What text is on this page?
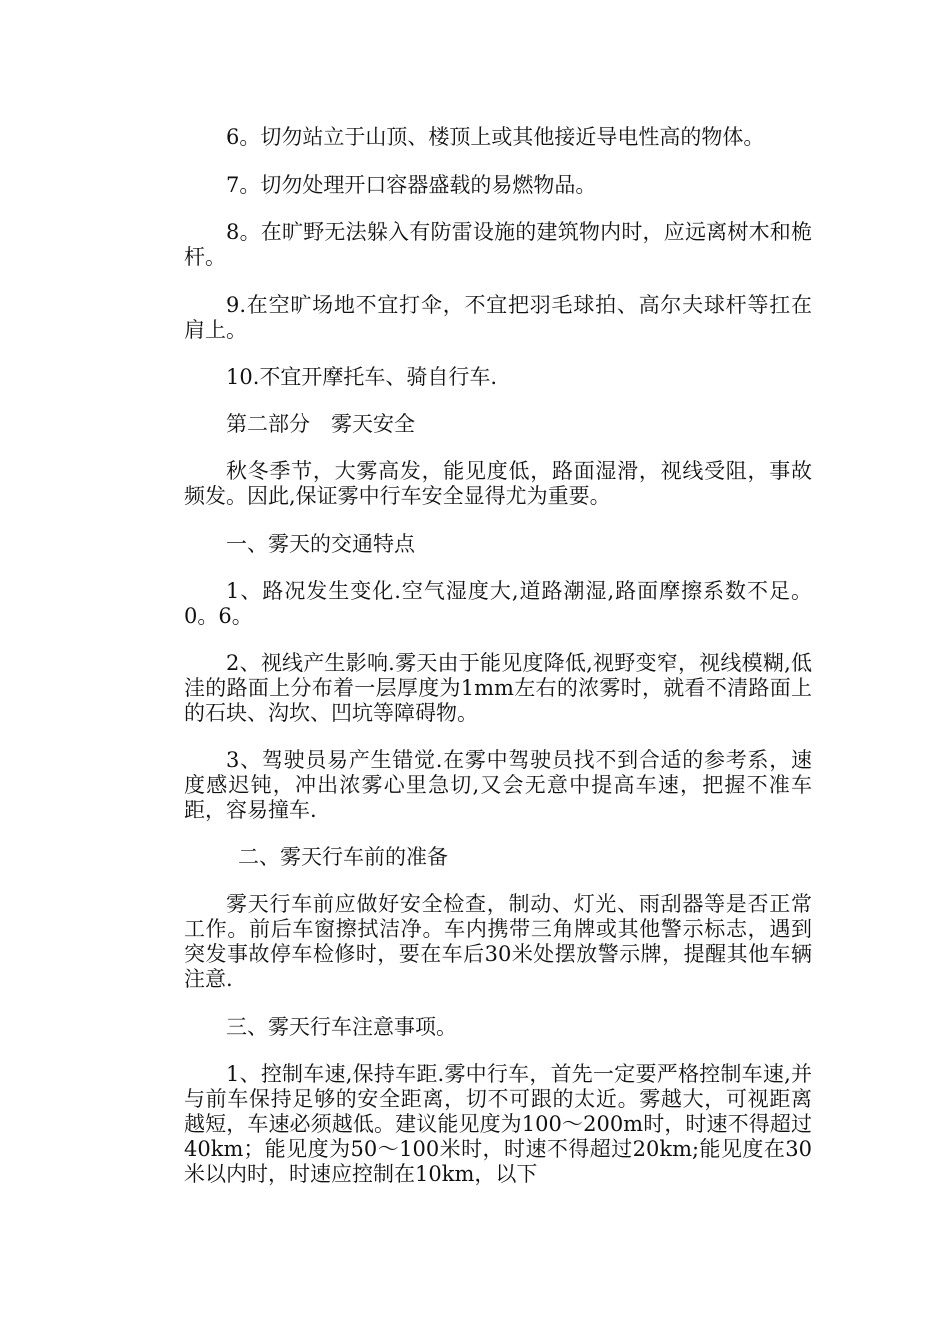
6。切勿站立于山顶、楼顶上或其他接近导电性高的物体。

7。切勿处理开口容器盛载的易燃物品。

8。在旷野无法躲入有防雷设施的建筑物内时，应远离树木和桅杆。

9.在空旷场地不宜打伞，不宜把羽毛球拍、高尔夫球杆等扛在肩上。

10.不宜开摩托车、骑自行车.

第二部分　雾天安全

秋冬季节，大雾高发，能见度低，路面湿滑，视线受阻，事故频发。因此,保证雾中行车安全显得尤为重要。

一、雾天的交通特点

1、路况发生变化.空气湿度大,道路潮湿,路面摩擦系数不足。0。6。

2、视线产生影响.雾天由于能见度降低,视野变窄，视线模糊,低洼的路面上分布着一层厚度为1mm左右的浓雾时，就看不清路面上的石块、沟坎、凹坑等障碍物。

3、驾驶员易产生错觉.在雾中驾驶员找不到合适的参考系，速度感迟钝，冲出浓雾心里急切,又会无意中提高车速，把握不准车距，容易撞车.

二、雾天行车前的准备

雾天行车前应做好安全检查，制动、灯光、雨刮器等是否正常工作。前后车窗擦拭洁净。车内携带三角牌或其他警示标志，遇到突发事故停车检修时，要在车后30米处摆放警示牌，提醒其他车辆注意.

三、雾天行车注意事项。

1、控制车速,保持车距.雾中行车，首先一定要严格控制车速,并与前车保持足够的安全距离，切不可跟的太近。雾越大，可视距离越短，车速必须越低。建议能见度为100～200m时，时速不得超过40km；能见度为50～100米时，时速不得超过20km;能见度在30米以内时，时速应控制在10km，以下
